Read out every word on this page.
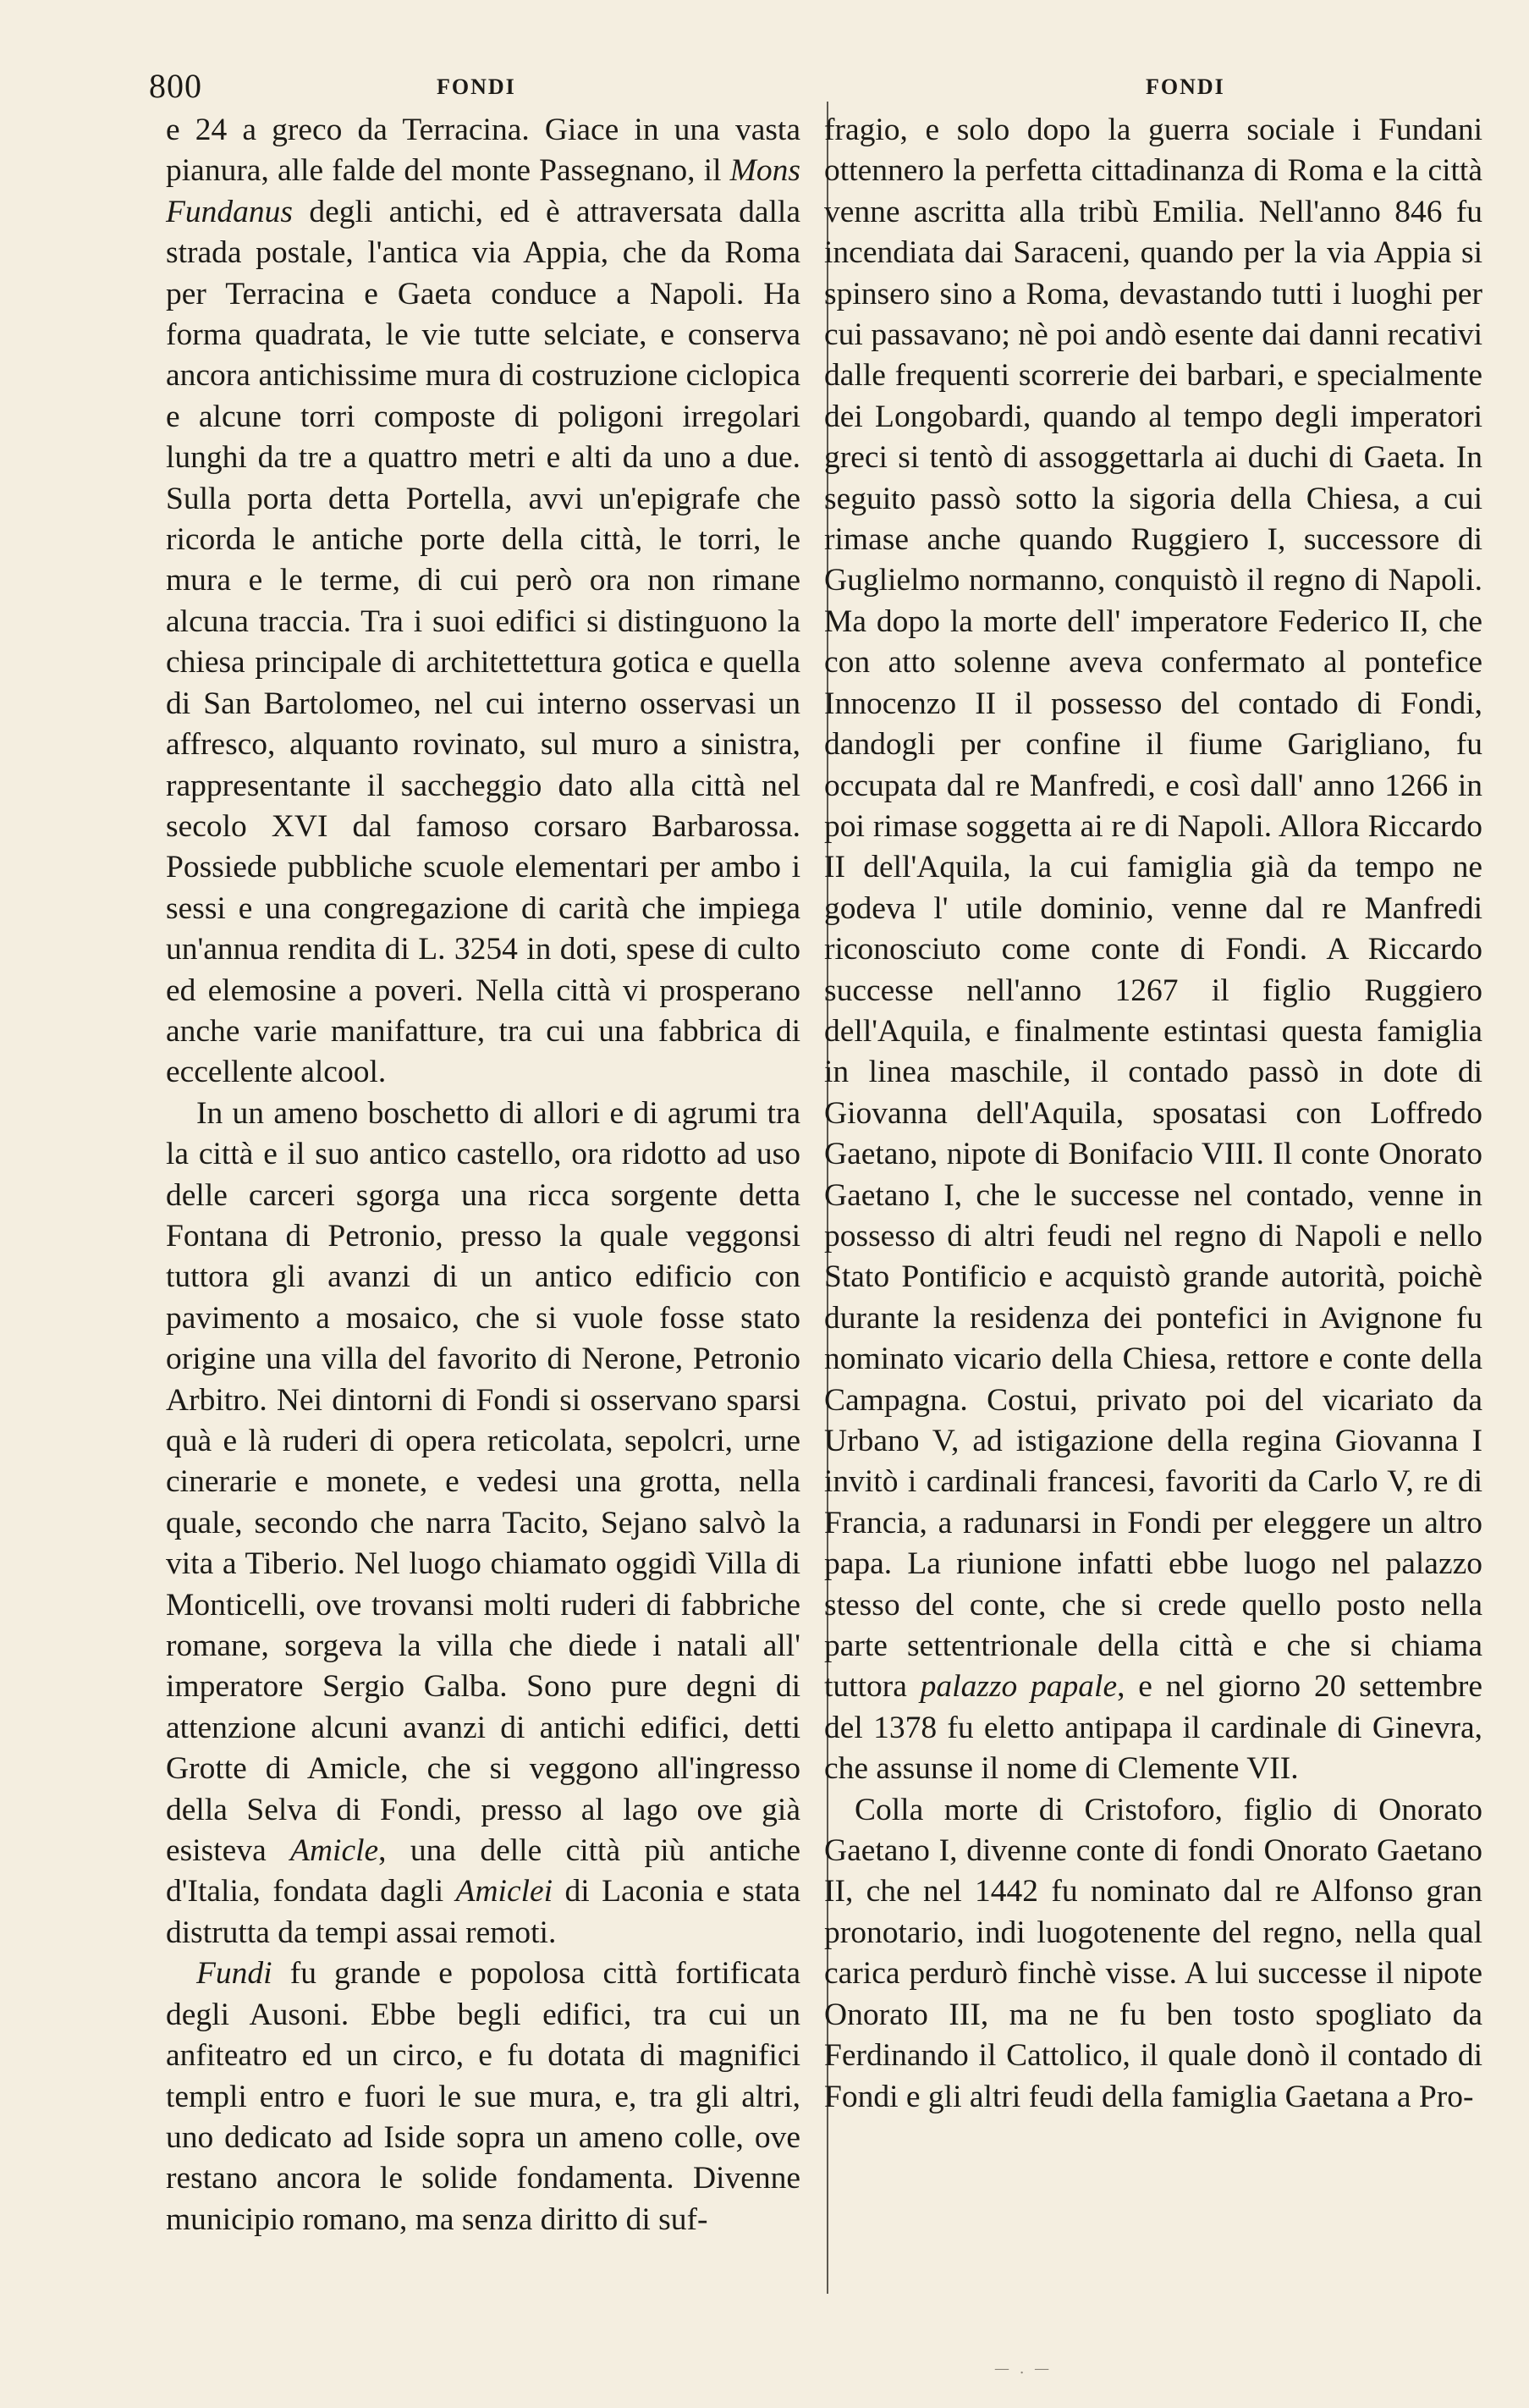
800	FONDI	FONDI

e 24 a greco da Terracina. Giace in una vasta pianura, alle falde del monte Passegnano, il Mons Fundanus degli antichi, ed è attraversata dalla strada postale, l'antica via Appia, che da Roma per Terracina e Gaeta conduce a Napoli. Ha forma quadrata, le vie tutte selciate, e conserva ancora antichissime mura di costruzione ciclopica e alcune torri composte di poligoni irregolari lunghi da tre a quattro metri e alti da uno a due. Sulla porta detta Portella, avvi un'epigrafe che ricorda le antiche porte della città, le torri, le mura e le terme, di cui però ora non rimane alcuna traccia. Tra i suoi edifici si distinguono la chiesa principale di architettettura gotica e quella di San Bartolomeo, nel cui interno osservasi un affresco, alquanto rovinato, sul muro a sinistra, rappresentante il saccheggio dato alla città nel secolo XVI dal famoso corsaro Barbarossa. Possiede pubbliche scuole elementari per ambo i sessi e una congregazione di carità che impiega un'annua rendita di L. 3254 in doti, spese di culto ed elemosine a poveri. Nella città vi prosperano anche varie manifatture, tra cui una fabbrica di eccellente alcool.

In un ameno boschetto di allori e di agrumi tra la città e il suo antico castello, ora ridotto ad uso delle carceri sgorga una ricca sorgente detta Fontana di Petronio, presso la quale veggonsi tuttora gli avanzi di un antico edificio con pavimento a mosaico, che si vuole fosse stato origine una villa del favorito di Nerone, Petronio Arbitro. Nei dintorni di Fondi si osservano sparsi quà e là ruderi di opera reticolata, sepolcri, urne cinerarie e monete, e vedesi una grotta, nella quale, secondo che narra Tacito, Sejano salvò la vita a Tiberio. Nel luogo chiamato oggidì Villa di Monticelli, ove trovansi molti ruderi di fabbriche romane, sorgeva la villa che diede i natali all' imperatore Sergio Galba. Sono pure degni di attenzione alcuni avanzi di antichi edifici, detti Grotte di Amicle, che si veggono all'ingresso della Selva di Fondi, presso al lago ove già esisteva Amicle, una delle città più antiche d'Italia, fondata dagli Amiclei di Laconia e stata distrutta da tempi assai remoti.

Fundi fu grande e popolosa città fortificata degli Ausoni. Ebbe begli edifici, tra cui un anfiteatro ed un circo, e fu dotata di magnifici templi entro e fuori le sue mura, e, tra gli altri, uno dedicato ad Iside sopra un ameno colle, ove restano ancora le solide fondamenta. Divenne municipio romano, ma senza diritto di suf-

fragio, e solo dopo la guerra sociale i Fundani ottennero la perfetta cittadinanza di Roma e la città venne ascritta alla tribù Emilia. Nell'anno 846 fu incendiata dai Saraceni, quando per la via Appia si spinsero sino a Roma, devastando tutti i luoghi per cui passavano; nè poi andò esente dai danni recativi dalle frequenti scorrerie dei barbari, e specialmente dei Longobardi, quando al tempo degli imperatori greci si tentò di assoggettarla ai duchi di Gaeta. In seguito passò sotto la sigoria della Chiesa, a cui rimase anche quando Ruggiero I, successore di Guglielmo normanno, conquistò il regno di Napoli. Ma dopo la morte dell' imperatore Federico II, che con atto solenne aveva confermato al pontefice Innocenzo II il possesso del contado di Fondi, dandogli per confine il fiume Garigliano, fu occupata dal re Manfredi, e così dall' anno 1266 in poi rimase soggetta ai re di Napoli. Allora Riccardo II dell'Aquila, la cui famiglia già da tempo ne godeva l' utile dominio, venne dal re Manfredi riconosciuto come conte di Fondi. A Riccardo successe nell'anno 1267 il figlio Ruggiero dell'Aquila, e finalmente estintasi questa famiglia in linea maschile, il contado passò in dote di Giovanna dell'Aquila, sposatasi con Loffredo Gaetano, nipote di Bonifacio VIII. Il conte Onorato Gaetano I, che le successe nel contado, venne in possesso di altri feudi nel regno di Napoli e nello Stato Pontificio e acquistò grande autorità, poichè durante la residenza dei pontefici in Avignone fu nominato vicario della Chiesa, rettore e conte della Campagna. Costui, privato poi del vicariato da Urbano V, ad istigazione della regina Giovanna I invitò i cardinali francesi, favoriti da Carlo V, re di Francia, a radunarsi in Fondi per eleggere un altro papa. La riunione infatti ebbe luogo nel palazzo stesso del conte, che si crede quello posto nella parte settentrionale della città e che si chiama tuttora palazzo papale, e nel giorno 20 settembre del 1378 fu eletto antipapa il cardinale di Ginevra, che assunse il nome di Clemente VII.

Colla morte di Cristoforo, figlio di Onorato Gaetano I, divenne conte di fondi Onorato Gaetano II, che nel 1442 fu nominato dal re Alfonso gran pronotario, indi luogotenente del regno, nella qual carica perdurò finchè visse. A lui successe il nipote Onorato III, ma ne fu ben tosto spogliato da Ferdinando il Cattolico, il quale donò il contado di Fondi e gli altri feudi della famiglia Gaetana a Pro-

— . —
